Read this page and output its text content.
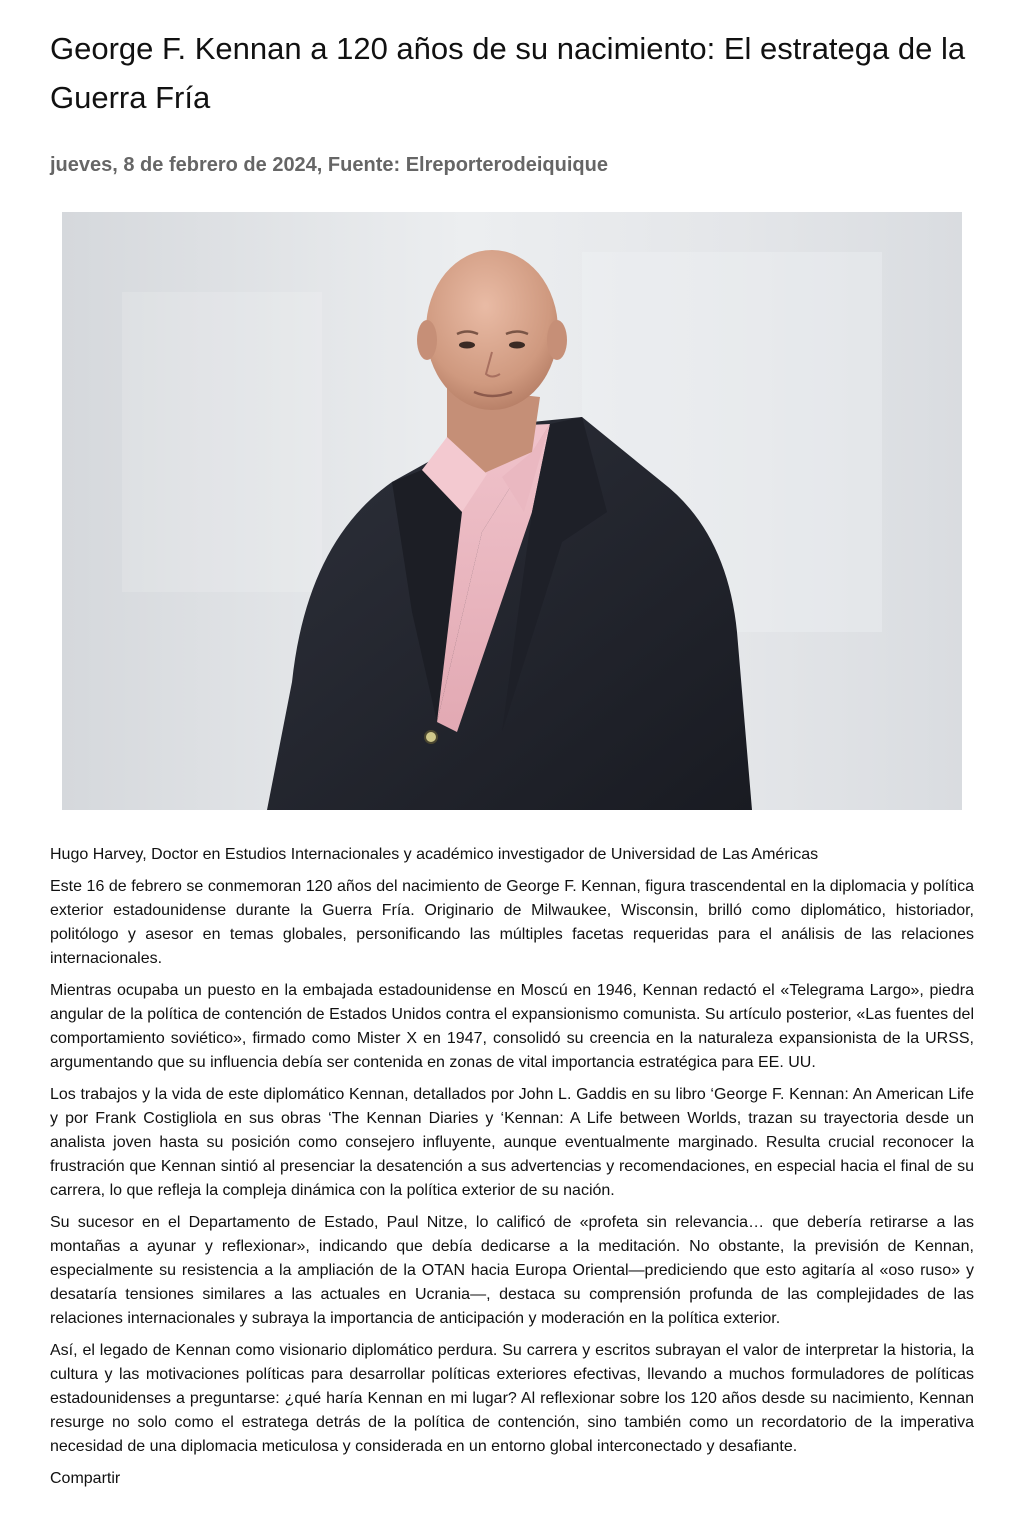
George F. Kennan a 120 años de su nacimiento: El estratega de la Guerra Fría
jueves, 8 de febrero de 2024, Fuente: Elreporterodeiquique

Hugo Harvey, Doctor en Estudios Internacionales y académico investigador de Universidad de Las Américas

Este 16 de febrero se conmemoran 120 años del nacimiento de George F. Kennan, figura trascendental en la diplomacia y política exterior estadounidense durante la Guerra Fría. Originario de Milwaukee, Wisconsin, brilló como diplomático, historiador, politólogo y asesor en temas globales, personificando las múltiples facetas requeridas para el análisis de las relaciones internacionales.

Mientras ocupaba un puesto en la embajada estadounidense en Moscú en 1946, Kennan redactó el «Telegrama Largo», piedra angular de la política de contención de Estados Unidos contra el expansionismo comunista. Su artículo posterior, «Las fuentes del comportamiento soviético», firmado como Mister X en 1947, consolidó su creencia en la naturaleza expansionista de la URSS, argumentando que su influencia debía ser contenida en zonas de vital importancia estratégica para EE. UU.

Los trabajos y la vida de este diplomático Kennan, detallados por John L. Gaddis en su libro ‘George F. Kennan: An American Life y por Frank Costigliola en sus obras ‘The Kennan Diaries y ‘Kennan: A Life between Worlds, trazan su trayectoria desde un analista joven hasta su posición como consejero influyente, aunque eventualmente marginado. Resulta crucial reconocer la frustración que Kennan sintió al presenciar la desatención a sus advertencias y recomendaciones, en especial hacia el final de su carrera, lo que refleja la compleja dinámica con la política exterior de su nación.

Su sucesor en el Departamento de Estado, Paul Nitze, lo calificó de «profeta sin relevancia… que debería retirarse a las montañas a ayunar y reflexionar», indicando que debía dedicarse a la meditación. No obstante, la previsión de Kennan, especialmente su resistencia a la ampliación de la OTAN hacia Europa Oriental—prediciendo que esto agitaría al «oso ruso» y desataría tensiones similares a las actuales en Ucrania—, destaca su comprensión profunda de las complejidades de las relaciones internacionales y subraya la importancia de anticipación y moderación en la política exterior.

Así, el legado de Kennan como visionario diplomático perdura. Su carrera y escritos subrayan el valor de interpretar la historia, la cultura y las motivaciones políticas para desarrollar políticas exteriores efectivas, llevando a muchos formuladores de políticas estadounidenses a preguntarse: ¿qué haría Kennan en mi lugar? Al reflexionar sobre los 120 años desde su nacimiento, Kennan resurge no solo como el estratega detrás de la política de contención, sino también como un recordatorio de la imperativa necesidad de una diplomacia meticulosa y considerada en un entorno global interconectado y desafiante.

Compartir
